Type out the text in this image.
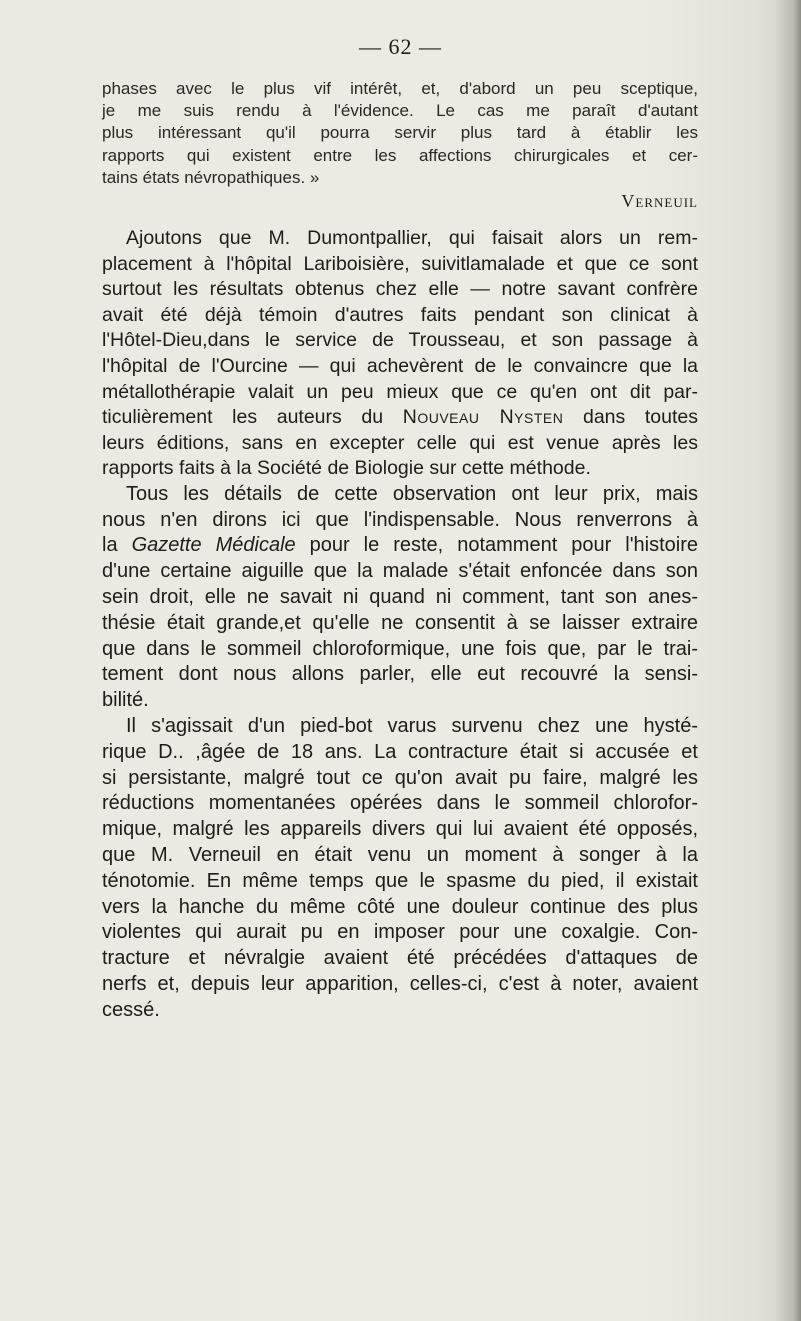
— 62 —
phases avec le plus vif intérêt, et, d'abord un peu sceptique,
je me suis rendu à l'évidence. Le cas me paraît d'autant
plus intéressant qu'il pourra servir plus tard à établir les
rapports qui existent entre les affections chirurgicales et cer-
tains états névropathiques. »
Verneuil
Ajoutons que M. Dumontpallier, qui faisait alors un rem-
placement à l'hôpital Lariboisière, suivitlamalade et que ce sont
surtout les résultats obtenus chez elle — notre savant confrère
avait été déjà témoin d'autres faits pendant son clinicat à
l'Hôtel-Dieu,dans le service de Trousseau, et son passage à
l'hôpital de l'Ourcine — qui achevèrent de le convaincre que la
métallothérapie valait un peu mieux que ce qu'en ont dit par-
ticulièrement les auteurs du Nouveau Nysten dans toutes
leurs éditions, sans en excepter celle qui est venue après les
rapports faits à la Société de Biologie sur cette méthode.
Tous les détails de cette observation ont leur prix, mais
nous n'en dirons ici que l'indispensable. Nous renverrons à
la Gazette Médicale pour le reste, notamment pour l'histoire
d'une certaine aiguille que la malade s'était enfoncée dans son
sein droit, elle ne savait ni quand ni comment, tant son anes-
thésie était grande,et qu'elle ne consentit à se laisser extraire
que dans le sommeil chloroformique, une fois que, par le trai-
tement dont nous allons parler, elle eut recouvré la sensi-
bilité.
Il s'agissait d'un pied-bot varus survenu chez une hysté-
rique D.. ,âgée de 18 ans. La contracture était si accusée et
si persistante, malgré tout ce qu'on avait pu faire, malgré les
réductions momentanées opérées dans le sommeil chlorofor-
mique, malgré les appareils divers qui lui avaient été opposés,
que M. Verneuil en était venu un moment à songer à la
ténotomie. En même temps que le spasme du pied, il existait
vers la hanche du même côté une douleur continue des plus
violentes qui aurait pu en imposer pour une coxalgie. Con-
tracture et névralgie avaient été précédées d'attaques de
nerfs et, depuis leur apparition, celles-ci, c'est à noter, avaient
cessé.
